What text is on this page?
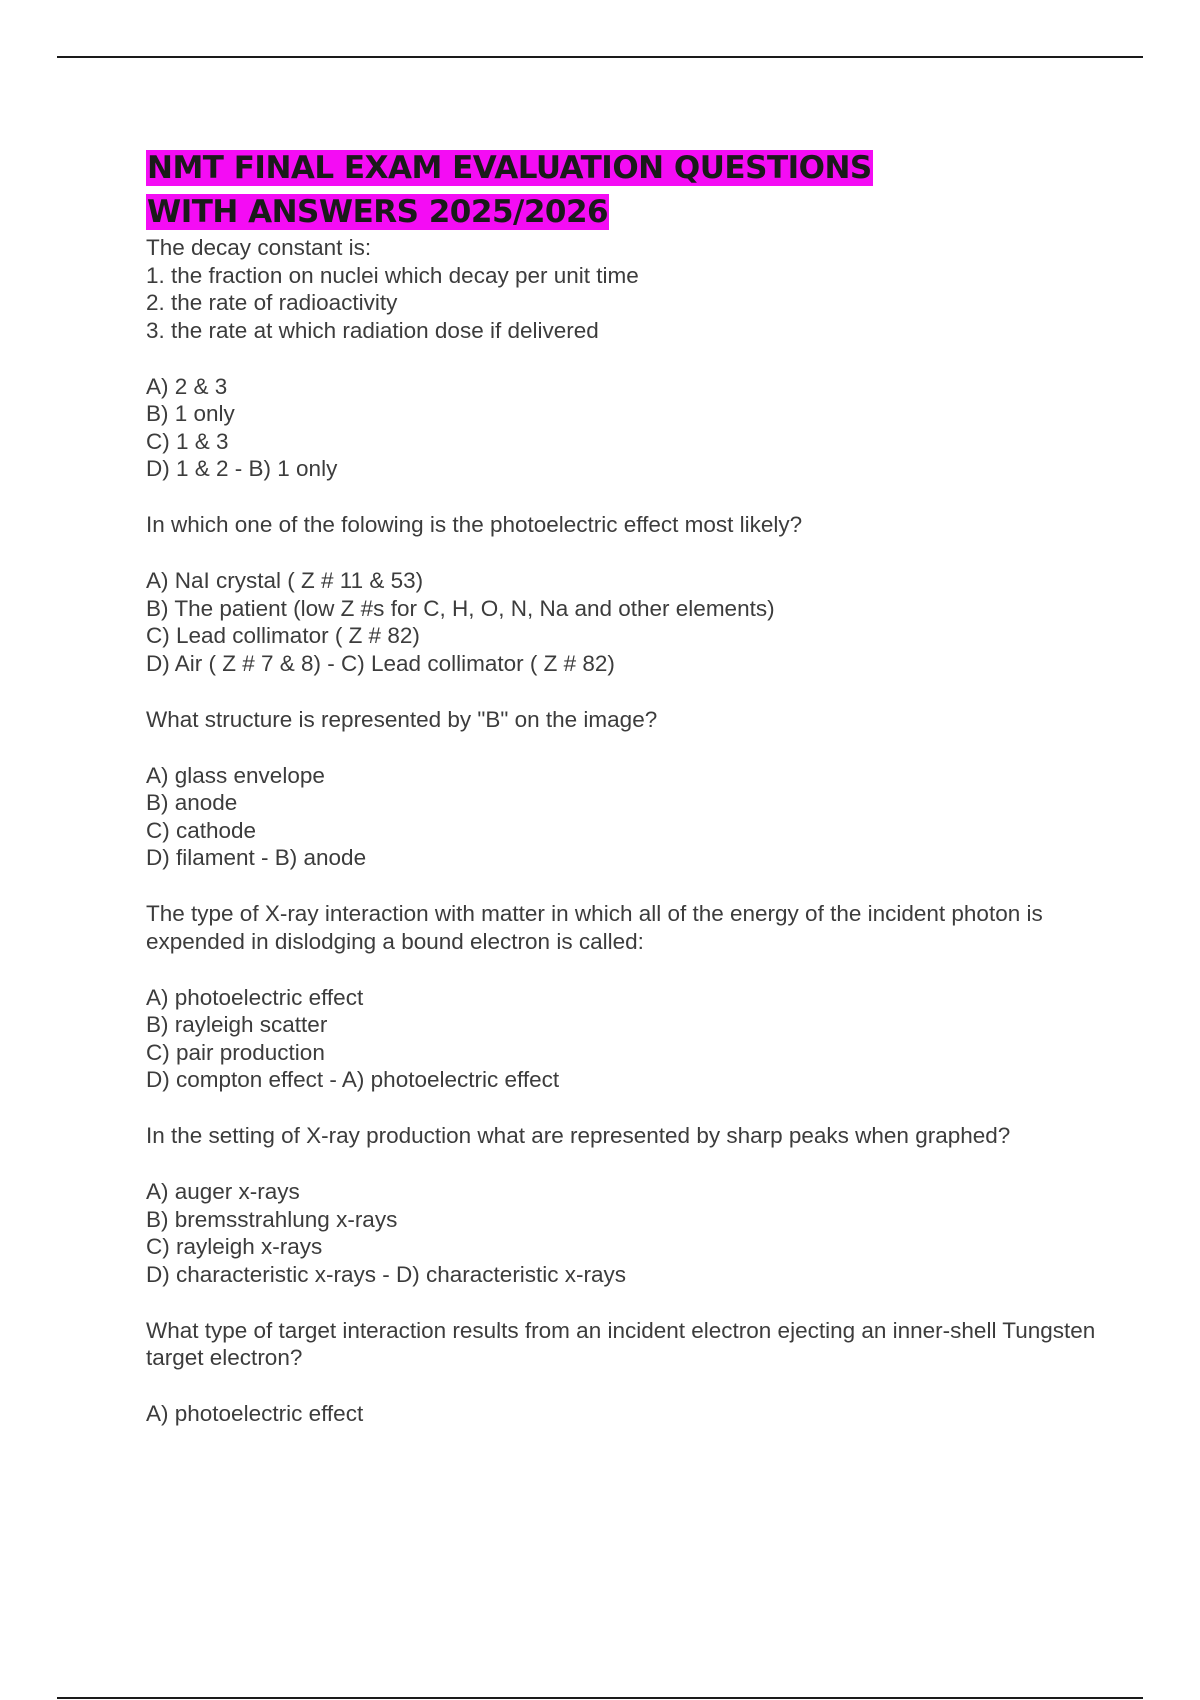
NMT FINAL EXAM EVALUATION QUESTIONS WITH ANSWERS 2025/2026
The decay constant is:
1. the fraction on nuclei which decay per unit time
2. the rate of radioactivity
3. the rate at which radiation dose if delivered
A) 2 & 3
B) 1 only
C) 1 & 3
D) 1 & 2 - B) 1 only
In which one of the folowing is the photoelectric effect most likely?
A) NaI crystal ( Z # 11 & 53)
B) The patient (low Z #s for C, H, O, N, Na and other elements)
C) Lead collimator ( Z # 82)
D) Air ( Z # 7 & 8) - C) Lead collimator ( Z # 82)
What structure is represented by "B" on the image?
A) glass envelope
B) anode
C) cathode
D) filament - B) anode
The type of X-ray interaction with matter in which all of the energy of the incident photon is expended in dislodging a bound electron is called:
A) photoelectric effect
B) rayleigh scatter
C) pair production
D) compton effect - A) photoelectric effect
In the setting of X-ray production what are represented by sharp peaks when graphed?
A) auger x-rays
B) bremsstrahlung x-rays
C) rayleigh x-rays
D) characteristic x-rays - D) characteristic x-rays
What type of target interaction results from an incident electron ejecting an inner-shell Tungsten target electron?
A) photoelectric effect
